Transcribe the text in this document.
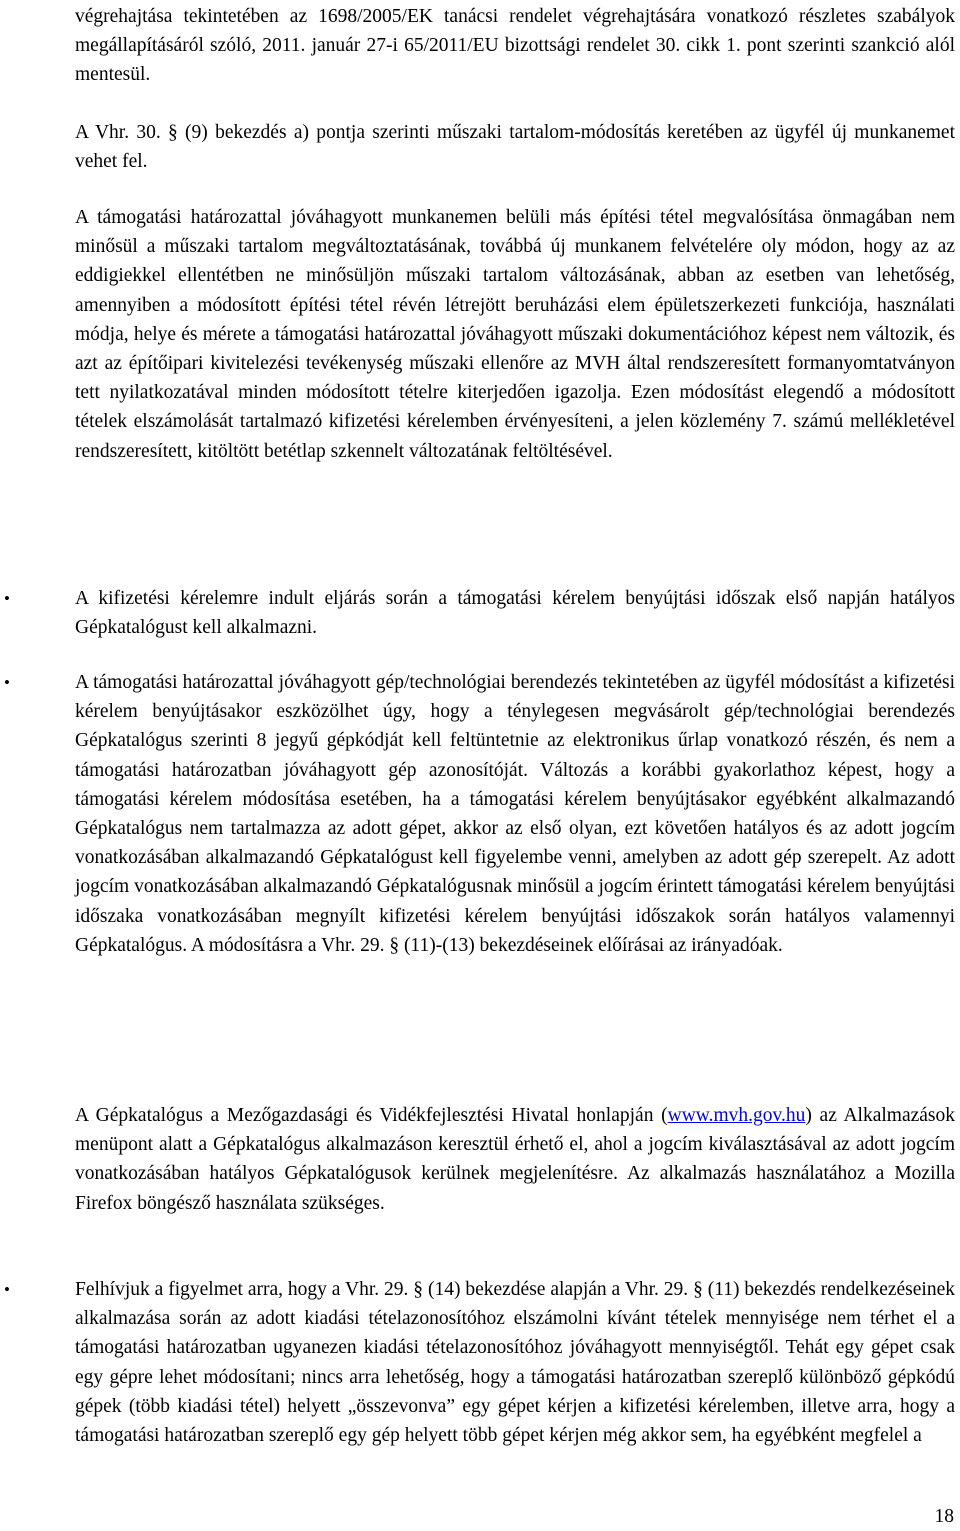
végrehajtása tekintetében az 1698/2005/EK tanácsi rendelet végrehajtására vonatkozó részletes szabályok megállapításáról szóló, 2011. január 27-i 65/2011/EU bizottsági rendelet 30. cikk 1. pont szerinti szankció alól mentesül.

A Vhr. 30. § (9) bekezdés a) pontja szerinti műszaki tartalom-módosítás keretében az ügyfél új munkanemet vehet fel.

A támogatási határozattal jóváhagyott munkanemen belüli más építési tétel megvalósítása önmagában nem minősül a műszaki tartalom megváltoztatásának, továbbá új munkanem felvételére oly módon, hogy az az eddigiekkel ellentétben ne minősüljön műszaki tartalom változásának, abban az esetben van lehetőség, amennyiben a módosított építési tétel révén létrejött beruházási elem épületszerkezeti funkciója, használati módja, helye és mérete a támogatási határozattal jóváhagyott műszaki dokumentációhoz képest nem változik, és azt az építőipari kivitelezési tevékenység műszaki ellenőre az MVH által rendszeresített formanyomtatványon tett nyilatkozatával minden módosított tételre kiterjedően igazolja. Ezen módosítást elegendő a módosított tételek elszámolását tartalmazó kifizetési kérelemben érvényesíteni, a jelen közlemény 7. számú mellékletével rendszeresített, kitöltött betétlap szkennelt változatának feltöltésével.

•	A kifizetési kérelemre indult eljárás során a támogatási kérelem benyújtási időszak első napján hatályos Gépkatalógust kell alkalmazni.

•	A támogatási határozattal jóváhagyott gép/technológiai berendezés tekintetében az ügyfél módosítást a kifizetési kérelem benyújtásakor eszközölhet úgy, hogy a ténylegesen megvásárolt gép/technológiai berendezés Gépkatalógus szerinti 8 jegyű gépkódját kell feltüntetnie az elektronikus űrlap vonatkozó részén, és nem a támogatási határozatban jóváhagyott gép azonosítóját. Változás a korábbi gyakorlathoz képest, hogy a támogatási kérelem módosítása esetében, ha a támogatási kérelem benyújtásakor egyébként alkalmazandó Gépkatalógus nem tartalmazza az adott gépet, akkor az első olyan, ezt követően hatályos és az adott jogcím vonatkozásában alkalmazandó Gépkatalógust kell figyelembe venni, amelyben az adott gép szerepelt. Az adott jogcím vonatkozásában alkalmazandó Gépkatalógusnak minősül a jogcím érintett támogatási kérelem benyújtási időszaka vonatkozásában megnyílt kifizetési kérelem benyújtási időszakok során hatályos valamennyi Gépkatalógus. A módosításra a Vhr. 29. § (11)-(13) bekezdéseinek előírásai az irányadóak.

A Gépkatalógus a Mezőgazdasági és Vidékfejlesztési Hivatal honlapján (www.mvh.gov.hu) az Alkalmazások menüpont alatt a Gépkatalógus alkalmazáson keresztül érhető el, ahol a jogcím kiválasztásával az adott jogcím vonatkozásában hatályos Gépkatalógusok kerülnek megjelenítésre. Az alkalmazás használatához a Mozilla Firefox böngésző használata szükséges.

•	Felhívjuk a figyelmet arra, hogy a Vhr. 29. § (14) bekezdése alapján a Vhr. 29. § (11) bekezdés rendelkezéseinek alkalmazása során az adott kiadási tételazonosítóhoz elszámolni kívánt tételek mennyisége nem térhet el a támogatási határozatban ugyanezen kiadási tételazonosítóhoz jóváhagyott mennyiségtől. Tehát egy gépet csak egy gépre lehet módosítani; nincs arra lehetőség, hogy a támogatási határozatban szereplő különböző gépkódú gépek (több kiadási tétel) helyett „összevonva” egy gépet kérjen a kifizetési kérelemben, illetve arra, hogy a támogatási határozatban szereplő egy gép helyett több gépet kérjen még akkor sem, ha egyébként megfelel a

18
